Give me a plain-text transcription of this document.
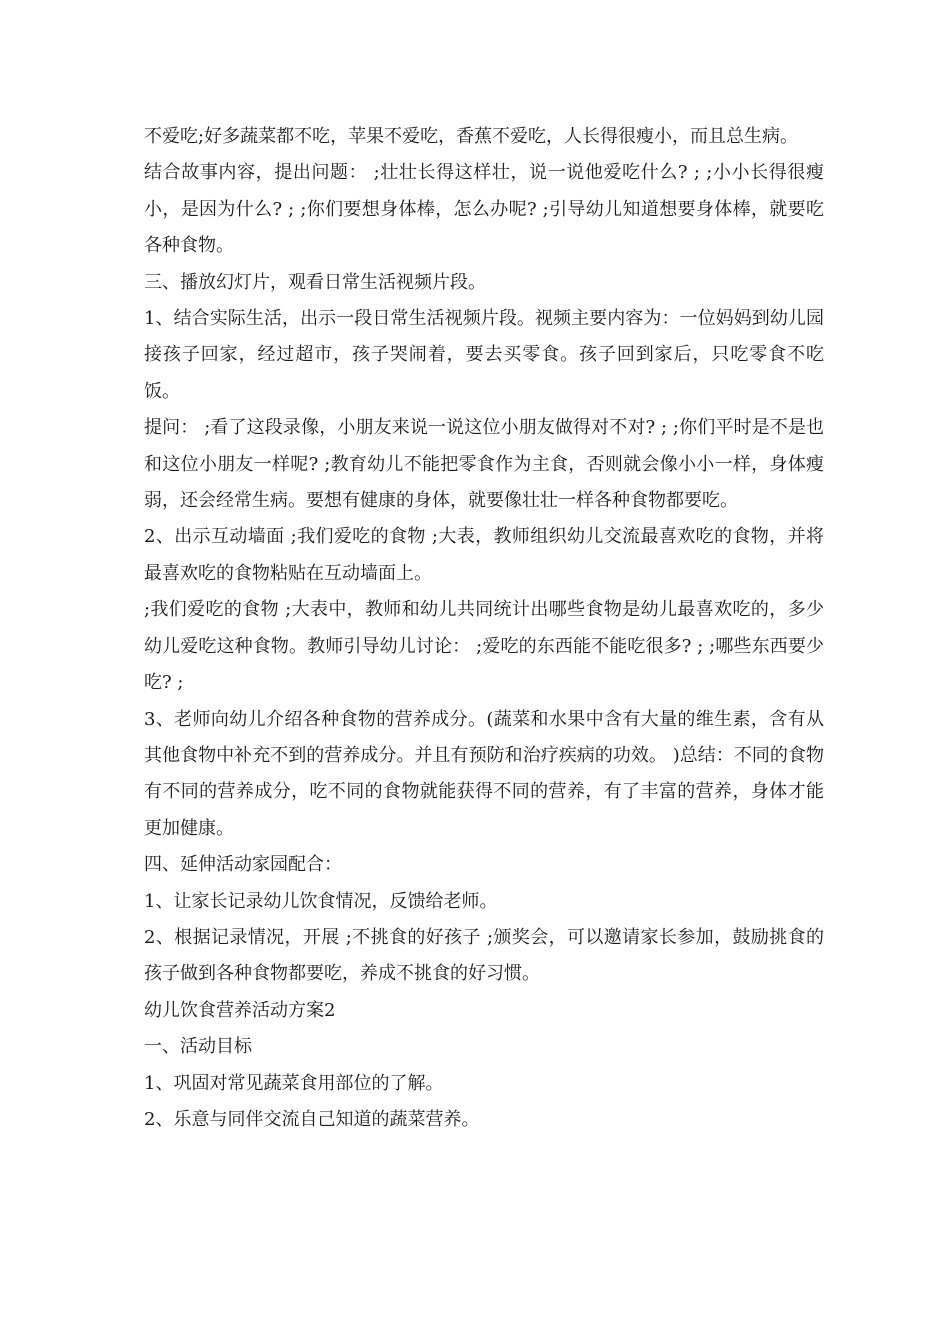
不爱吃;好多蔬菜都不吃，苹果不爱吃，香蕉不爱吃，人长得很瘦小，而且总生病。

结合故事内容，提出问题： ;壮壮长得这样壮，说一说他爱吃什么? ; ;小小长得很瘦小，是因为什么? ; ;你们要想身体棒，怎么办呢? ;引导幼儿知道想要身体棒，就要吃各种食物。

三、播放幻灯片，观看日常生活视频片段。

1、结合实际生活，出示一段日常生活视频片段。视频主要内容为：一位妈妈到幼儿园接孩子回家，经过超市，孩子哭闹着，要去买零食。孩子回到家后，只吃零食不吃饭。

提问： ;看了这段录像，小朋友来说一说这位小朋友做得对不对? ; ;你们平时是不是也和这位小朋友一样呢? ;教育幼儿不能把零食作为主食，否则就会像小小一样，身体瘦弱，还会经常生病。要想有健康的身体，就要像壮壮一样各种食物都要吃。

2、出示互动墙面 ;我们爱吃的食物 ;大表，教师组织幼儿交流最喜欢吃的食物，并将最喜欢吃的食物粘贴在互动墙面上。

;我们爱吃的食物 ;大表中，教师和幼儿共同统计出哪些食物是幼儿最喜欢吃的，多少幼儿爱吃这种食物。教师引导幼儿讨论： ;爱吃的东西能不能吃很多? ; ;哪些东西要少吃? ;

3、老师向幼儿介绍各种食物的营养成分。(蔬菜和水果中含有大量的维生素，含有从其他食物中补充不到的营养成分。并且有预防和治疗疾病的功效。 )总结：不同的食物有不同的营养成分，吃不同的食物就能获得不同的营养，有了丰富的营养，身体才能更加健康。

四、延伸活动家园配合：

1、让家长记录幼儿饮食情况，反馈给老师。

2、根据记录情况，开展 ;不挑食的好孩子 ;颁奖会，可以邀请家长参加，鼓励挑食的孩子做到各种食物都要吃，养成不挑食的好习惯。

幼儿饮食营养活动方案2

一、活动目标

1、巩固对常见蔬菜食用部位的了解。

2、乐意与同伴交流自己知道的蔬菜营养。
